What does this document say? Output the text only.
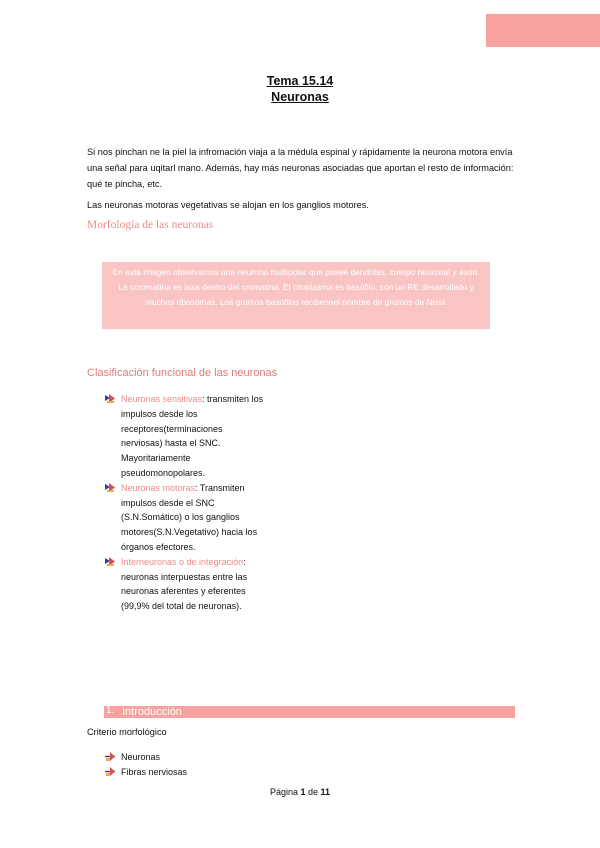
Tema 15.14
Neuronas
Si nos pinchan ne la piel la infromación viaja a la médula espinal y rápidamente la neurona motora envía una señal para uqitarl mano. Además, hay más neuronas asociadas que aportan el resto de información: qué te pincha, etc.
Las neuronas motoras vegetativas se alojan en los ganglios motores.
Morfología de las neuronas
En esta imagen observamos una neurona multipolar que posee dendritas, cuerpo neuronal y axón. La ccromatina es laxa dentro del cromatina. El citoplasma es basófilo, con un RE desarrollado y muchos ribosomas. Los grumos basófilos recibennel nombre de grumos de Nissl.
Clasificación funcional de las neuronas
Neuronas sensitivas: transmiten los impulsos desde los receptores(terminaciones nerviosas) hasta el SNC. Mayoritariamente pseudomonopolares.
Neuronas motoras: Transmiten impulsos desde el SNC (S.N.Somático) o los ganglios motores(S.N.Vegetativo) hacia los órganos efectores.
Interneuronas o de integración: neuronas interpuestas entre las neuronas aferentes y eferentes (99,9% del total de neuronas).
1. Introducción
Criterio morfológico
Neuronas
Fibras nerviosas
Página 1 de 11
